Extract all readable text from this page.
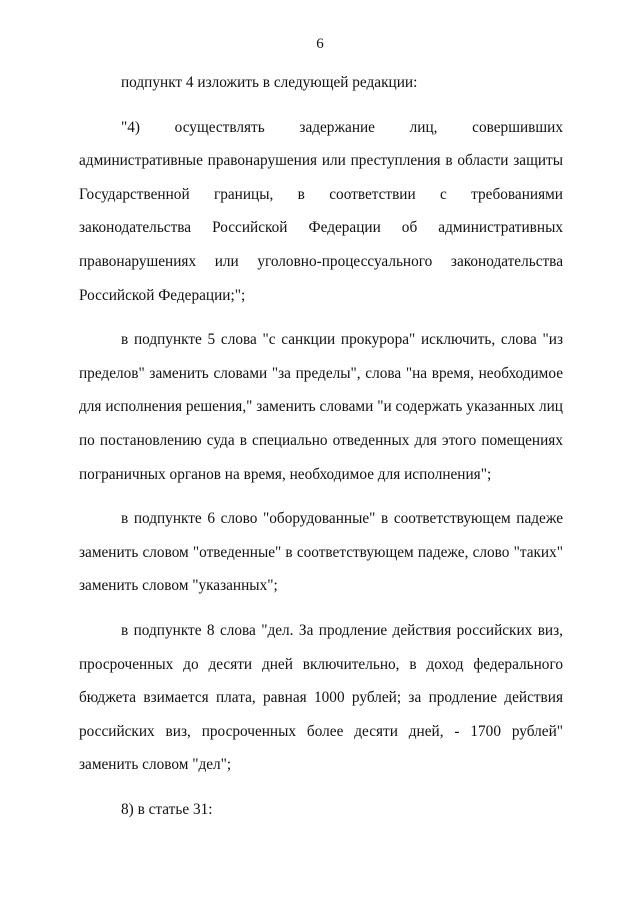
6

подпункт 4 изложить в следующей редакции:

"4) осуществлять задержание лиц, совершивших административные правонарушения или преступления в области защиты Государственной границы, в соответствии с требованиями законодательства Российской Федерации об административных правонарушениях или уголовно-процессуального законодательства Российской Федерации;";

в подпункте 5 слова "с санкции прокурора" исключить, слова "из пределов" заменить словами "за пределы", слова "на время, необходимое для исполнения решения," заменить словами "и содержать указанных лиц по постановлению суда в специально отведенных для этого помещениях пограничных органов на время, необходимое для исполнения";

в подпункте 6 слово "оборудованные" в соответствующем падеже заменить словом "отведенные" в соответствующем падеже, слово "таких" заменить словом "указанных";

в подпункте 8 слова "дел. За продление действия российских виз, просроченных до десяти дней включительно, в доход федерального бюджета взимается плата, равная 1000 рублей; за продление действия российских виз, просроченных более десяти дней, - 1700 рублей" заменить словом "дел";

8) в статье 31:
